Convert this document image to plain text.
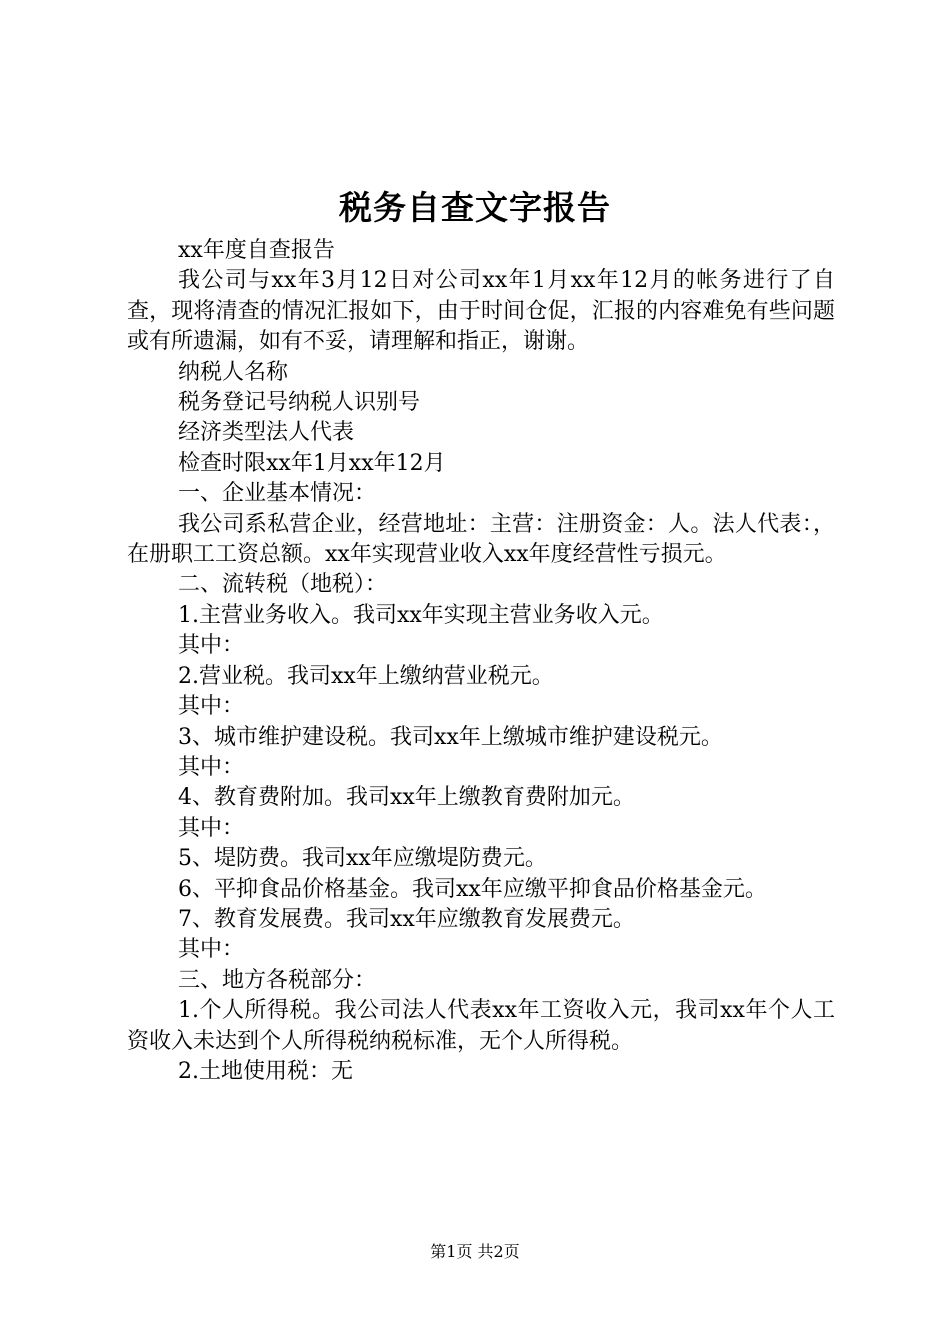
税务自查文字报告

xx年度自查报告

我公司与xx年3月12日对公司xx年1月xx年12月的帐务进行了自查，现将清查的情况汇报如下，由于时间仓促，汇报的内容难免有些问题或有所遗漏，如有不妥，请理解和指正，谢谢。

纳税人名称

税务登记号纳税人识别号

经济类型法人代表

检查时限xx年1月xx年12月

一、企业基本情况：

我公司系私营企业，经营地址：主营：注册资金：人。法人代表：，在册职工工资总额。xx年实现营业收入xx年度经营性亏损元。

二、流转税（地税）：

1.主营业务收入。我司xx年实现主营业务收入元。

其中：

2.营业税。我司xx年上缴纳营业税元。

其中：

3、城市维护建设税。我司xx年上缴城市维护建设税元。

其中：

4、教育费附加。我司xx年上缴教育费附加元。

其中：

5、堤防费。我司xx年应缴堤防费元。

6、平抑食品价格基金。我司xx年应缴平抑食品价格基金元。

7、教育发展费。我司xx年应缴教育发展费元。

其中：

三、地方各税部分：

1.个人所得税。我公司法人代表xx年工资收入元，我司xx年个人工资收入未达到个人所得税纳税标准，无个人所得税。

2.土地使用税：无

第1页 共2页
